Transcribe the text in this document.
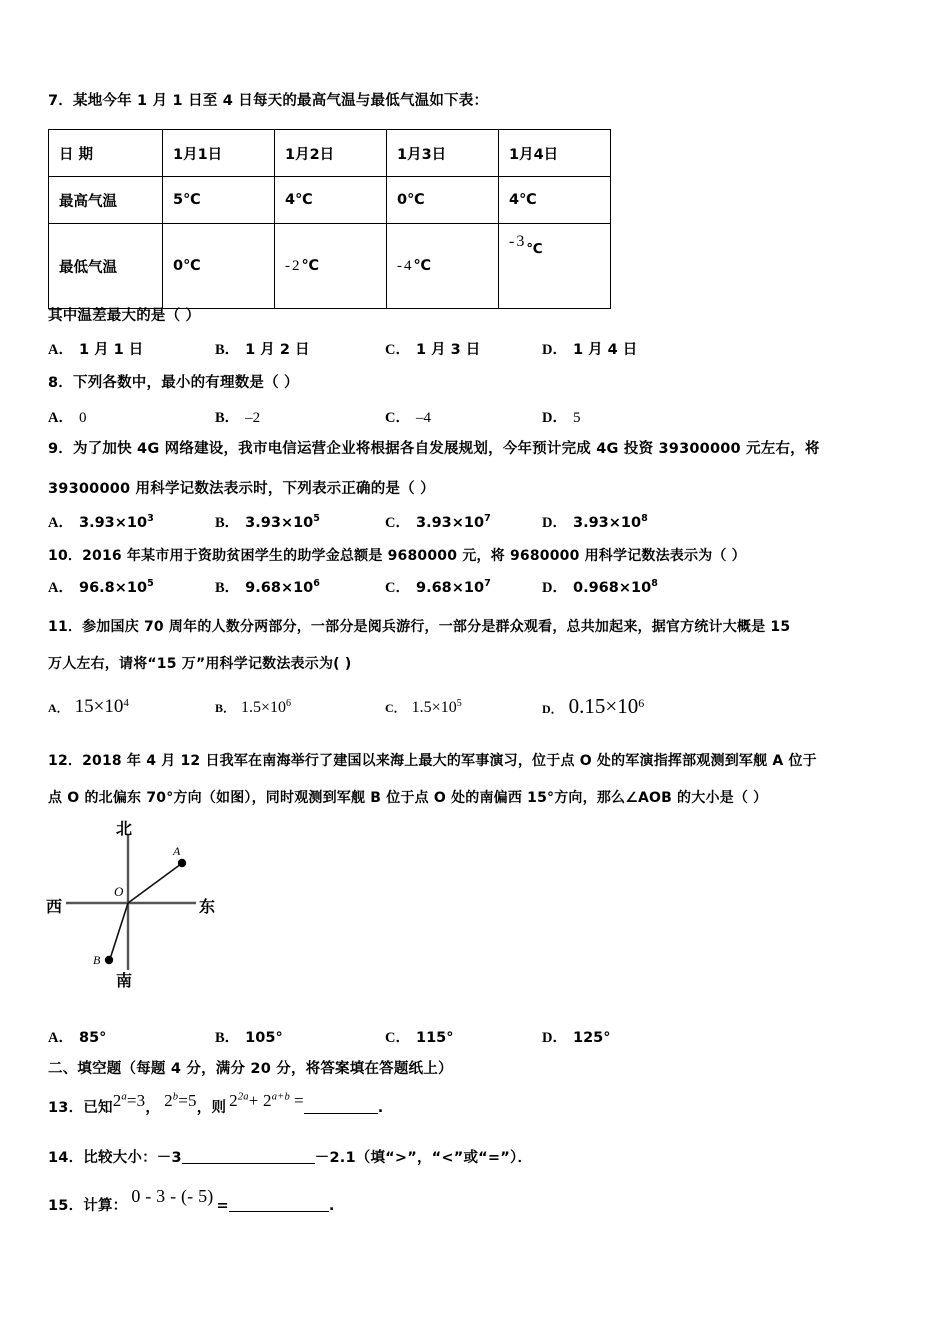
7．某地今年 1 月 1 日至 4 日每天的最高气温与最低气温如下表：
日 期	1月1日	1月2日	1月3日	1月4日
最高气温	5℃	4℃	0℃	4℃
最低气温	0℃	- 2 ℃	- 4 ℃	- 3 ℃
其中温差最大的是（ ）
A． 1 月 1 日	B． 1 月 2 日	C． 1 月 3 日	D． 1 月 4 日
8．下列各数中，最小的有理数是（ ）
A． 0	B． –2	C． –4	D． 5
9．为了加快 4G 网络建设，我市电信运营企业将根据各自发展规划，今年预计完成 4G 投资 39300000 元左右，将
39300000 用科学记数法表示时，下列表示正确的是（ ）
A． $3.93\times 10^3$	B． $3.93\times 10^5$	C． $3.93\times 10^7$	D． $3.93\times 10^8$
10．2016 年某市用于资助贫困学生的助学金总额是 9680000 元，将 9680000 用科学记数法表示为（ ）
A． $96.8\times 10^5$	B． $9.68\times 10^6$	C． $9.68\times 10^7$	D． $0.968\times 10^8$
11．参加国庆 70 周年的人数分两部分，一部分是阅兵游行，一部分是群众观看，总共加起来，据官方统计大概是 15
万人左右，请将“15 万”用科学记数法表示为( )
A． $15\times 10^4$	B． $1.5\times 10^6$	C． $1.5\times 10^5$	D． $0.15\times 10^6$
12．2018 年 4 月 12 日我军在南海举行了建国以来海上最大的军事演习，位于点 O 处的军演指挥部观测到军舰 A 位于
点 O 的北偏东 70°方向（如图），同时观测到军舰 B 位于点 O 处的南偏西 15°方向，那么∠AOB 的大小是（ ）
北
南
东
西
O
A
B
A． 85°	B． 105°	C． 115°	D． 125°
二、填空题（每题 4 分，满分 20 分，将答案填在答题纸上）
13．已知$2^a=3$， $2^b=5$，则 $2^{2a}+ 2^{a+b}$ =	.
14．比较大小：－3	－2.1（填“>”，“<”或“=”）．
15．计算： 0 - 3 - (- 5) =	.
